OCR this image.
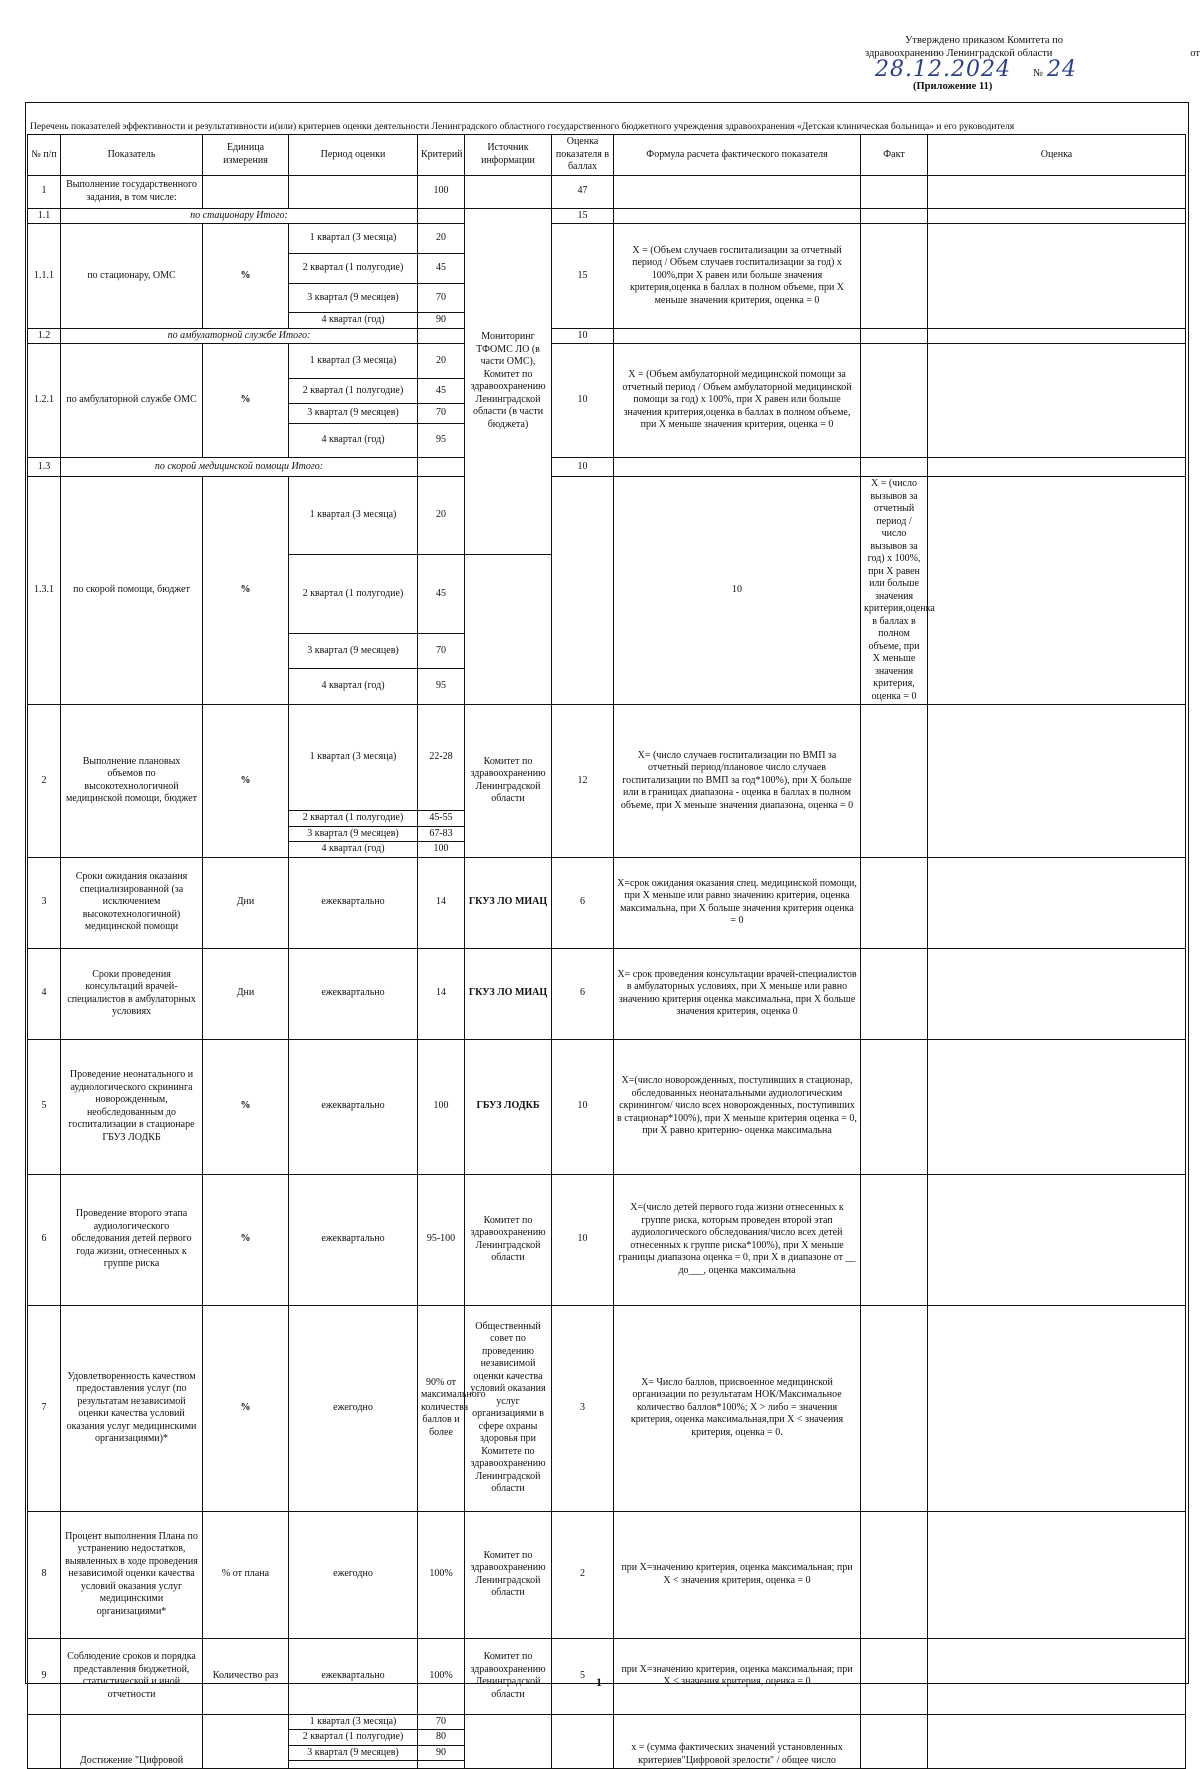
Утверждено приказом Комитета по
здравоохранению Ленинградской области	от
28.12.2024 № 24
(Приложение 11)
Перечень показателей эффективности и результативности и(или) критериев оценки деятельности Ленинградского областного государственного бюджетного учреждения здравоохранения «Детская клиническая больница» и его руководителя
№ п/п	Показатель	Единица измерения	Период оценки	Критерий	Источник информации	Оценка показателя в баллах	Формула расчета фактического показателя	Факт	Оценка	
1	Выполнение государственного задания, в том числе:			100		47				
1.1	по стационару Итого:				Мониторинг ТФОМС ЛО (в части ОМС), Комитет по здравоохранению Ленинградской области (в части бюджета)	15				
1.1.1	по стационару, ОМС	%	1 квартал (3 месяца)	20		15	Х = (Объем случаев госпитализации за отчетный период / Объем случаев госпитализации за год) х 100%,при Х равен или больше значения критерия,оценка в баллах в полном объеме, при Х меньше значения критерия, оценка = 0			
			2 квартал (1 полугодие)	45						
			3 квартал (9 месяцев)	70						
			4 квартал (год)	90						
1.2	по амбулаторной службе Итого:					10				
1.2.1	по амбулаторной службе ОМС	%	1 квартал (3 месяца)	20		10	Х = (Объем амбулаторной медицинской помощи за отчетный период / Объем амбулаторной медицинской помощи за год) х 100%, при Х равен или больше значения критерия,оценка в баллах в полном объеме, при Х меньше значения критерия, оценка = 0			
			2 квартал (1 полугодие)	45						
			3 квартал (9 месяцев)	70						
			4 квартал (год)	95						
1.3	по скорой медицинской помощи Итого:					10				
1.3.1	по скорой помощи, бюджет	%	1 квартал (3 месяца)	20			10	Х = (число вызывов за отчетный период / число вызывов за год) х 100%, при Х равен или больше значения критерия,оценка в баллах в полном объеме, при Х меньше значения критерия, оценка = 0		
			2 квартал (1 полугодие)	45						
			3 квартал (9 месяцев)	70						
			4 квартал (год)	95						
2	Выполнение плановых объемов по высокотехнологичной медицинской помощи, бюджет	%	1 квартал (3 месяца)	22-28	Комитет по здравоохранению Ленинградской области	12	Х= (число случаев госпитализации по ВМП за отчетный период/плановое число случаев госпитализации по ВМП за год*100%), при Х больше или в границах диапазона - оценка в баллах в полном объеме, при Х меньше значения диапазона, оценка = 0			
			2 квартал (1 полугодие)	45-55						
			3 квартал (9 месяцев)	67-83						
			4 квартал (год)	100						
3	Сроки ожидания оказания специализированной (за исключением высокотехнологичной) медицинской помощи	Дни	ежеквартально	14	ГКУЗ ЛО МИАЦ	6	Х=срок ожидания оказания спец. медицинской помощи, при Х меньше или равно значению критерия, оценка максимальна, при Х больше значения критерия оценка = 0			
4	Сроки проведения консультаций врачей-специалистов в амбулаторных условиях	Дни	ежеквартально	14	ГКУЗ ЛО МИАЦ	6	Х= срок проведения консультации врачей-специалистов в амбулаторных условиях, при Х меньше или равно значению критерия оценка максимальна, при Х больше значения критерия, оценка 0			
5	Проведение неонатального и аудиологического скрининга новорожденным, необследованным до госпитализации в стационаре ГБУЗ ЛОДКБ	%	ежеквартально	100	ГБУЗ ЛОДКБ	10	Х=(число новорожденных, поступивших в стационар, обследованных неонатальными аудиологическим скринингом/ число всех новорожденных, поступивших в стационар*100%), при Х меньше критерия оценка = 0, при Х равно критерию- оценка максимальна			
6	Проведение второго этапа аудиологического обследования детей первого года жизни, отнесенных к группе риска	%	ежеквартально	95-100	Комитет по здравоохранению Ленинградской области	10	Х=(число детей первого года жизни отнесенных к группе риска, которым проведен второй этап аудиологического обследования/число всех детей отнесенных к группе риска*100%), при Х меньше границы диапазона оценка = 0, при Х в диапазоне от __ до___, оценка максимальна			
7	Удовлетворенность качеством предоставления услуг (по результатам независимой оценки качества условий оказания услуг медицинскими организациями)*	%	ежегодно	90% от максимального количества баллов и более	Общественный совет по проведению независимой оценки качества условий оказания услуг организациями в сфере охраны здоровья при Комитете по здравоохранению Ленинградской области	3	Х= Число баллов, присвоенное медицинской организации по результатам НОК/Максимальное количество баллов*100%; Х > либо = значения критерия, оценка максимальная,при Х < значения критерия, оценка = 0.			
8	Процент выполнения Плана по устранению недостатков, выявленных в ходе проведения независимой оценки качества условий оказания услуг медицинскими организациями*	% от плана	ежегодно	100%	Комитет по здравоохранению Ленинградской области	2	при Х=значению критерия, оценка максимальная; при Х < значения критерия, оценка = 0			
9	Соблюдение сроков и порядка представления бюджетной, статистической и иной отчетности	Количество раз	ежеквартально	100%	Комитет по здравоохранению Ленинградской области	5	при Х=значению критерия, оценка максимальная; при Х < значения критерия, оценка = 0			
	Достижение "Цифровой		1 квартал (3 месяца)	70			х = (сумма фактических значений установленных критериев"Цифровой зрелости" / общее число			
			2 квартал (1 полугодие)	80						
			3 квартал (9 месяцев)	90						

1
